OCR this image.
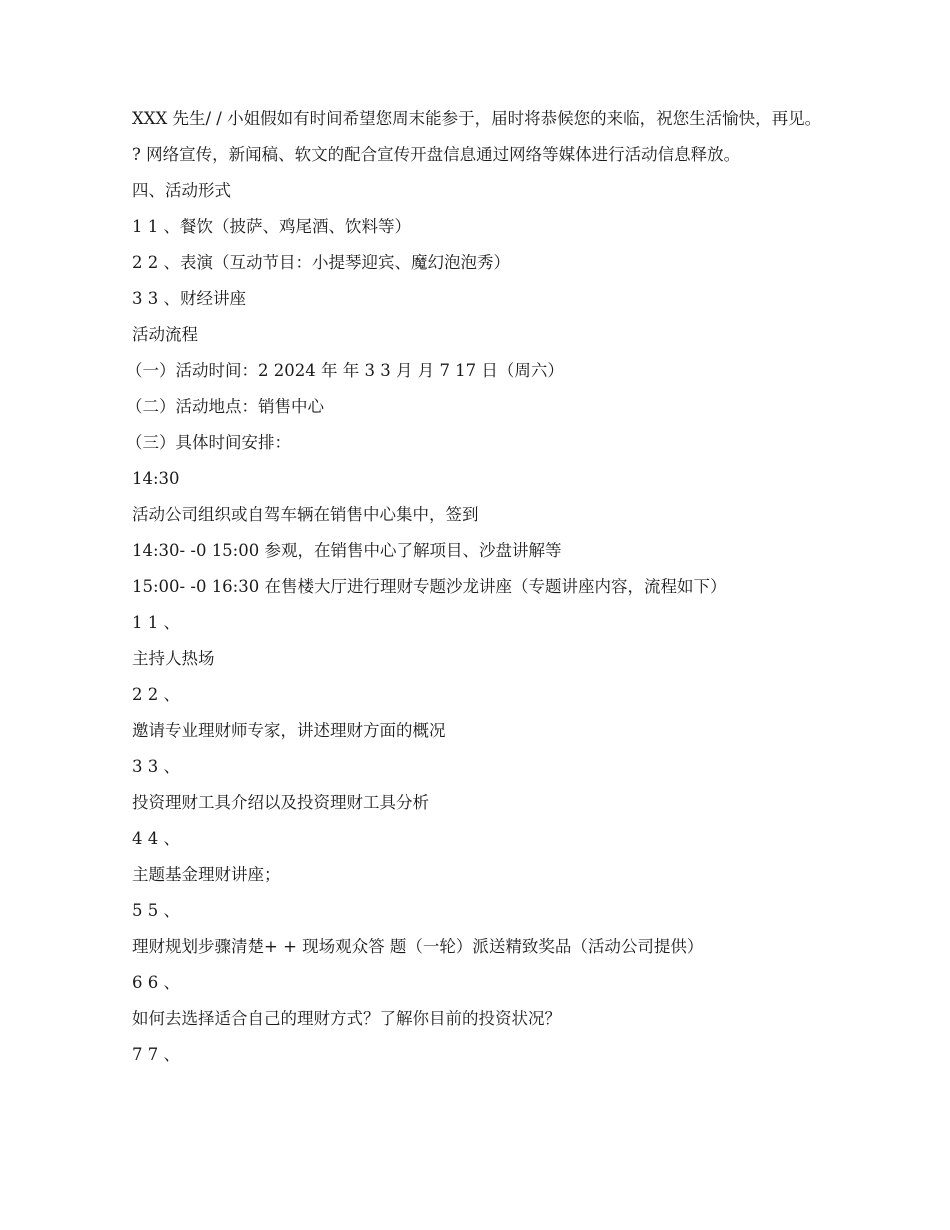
XXX 先生/ / 小姐假如有时间希望您周末能参于，届时将恭候您的来临，祝您生活愉快，再见。

? 网络宣传，新闻稿、软文的配合宣传开盘信息通过网络等媒体进行活动信息释放。

四、活动形式

1 1 、餐饮（披萨、鸡尾酒、饮料等）

2 2 、表演（互动节目：小提琴迎宾、魔幻泡泡秀）

3 3 、财经讲座

活动流程

（一）活动时间：2 2024 年 年 3 3 月 月 7 17 日（周六）

（二）活动地点：销售中心

（三）具体时间安排：

14:30

活动公司组织或自驾车辆在销售中心集中，签到

14:30- -0 15:00 参观，在销售中心了解项目、沙盘讲解等

15:00- -0 16:30 在售楼大厅进行理财专题沙龙讲座（专题讲座内容，流程如下）

1 1 、

主持人热场

2 2 、

邀请专业理财师专家，讲述理财方面的概况

3 3 、

投资理财工具介绍以及投资理财工具分析

4 4 、

主题基金理财讲座；

5 5 、

理财规划步骤清楚+ + 现场观众答 题（一轮）派送精致奖品（活动公司提供）

6 6 、

如何去选择适合自己的理财方式？了解你目前的投资状况？

7 7 、
